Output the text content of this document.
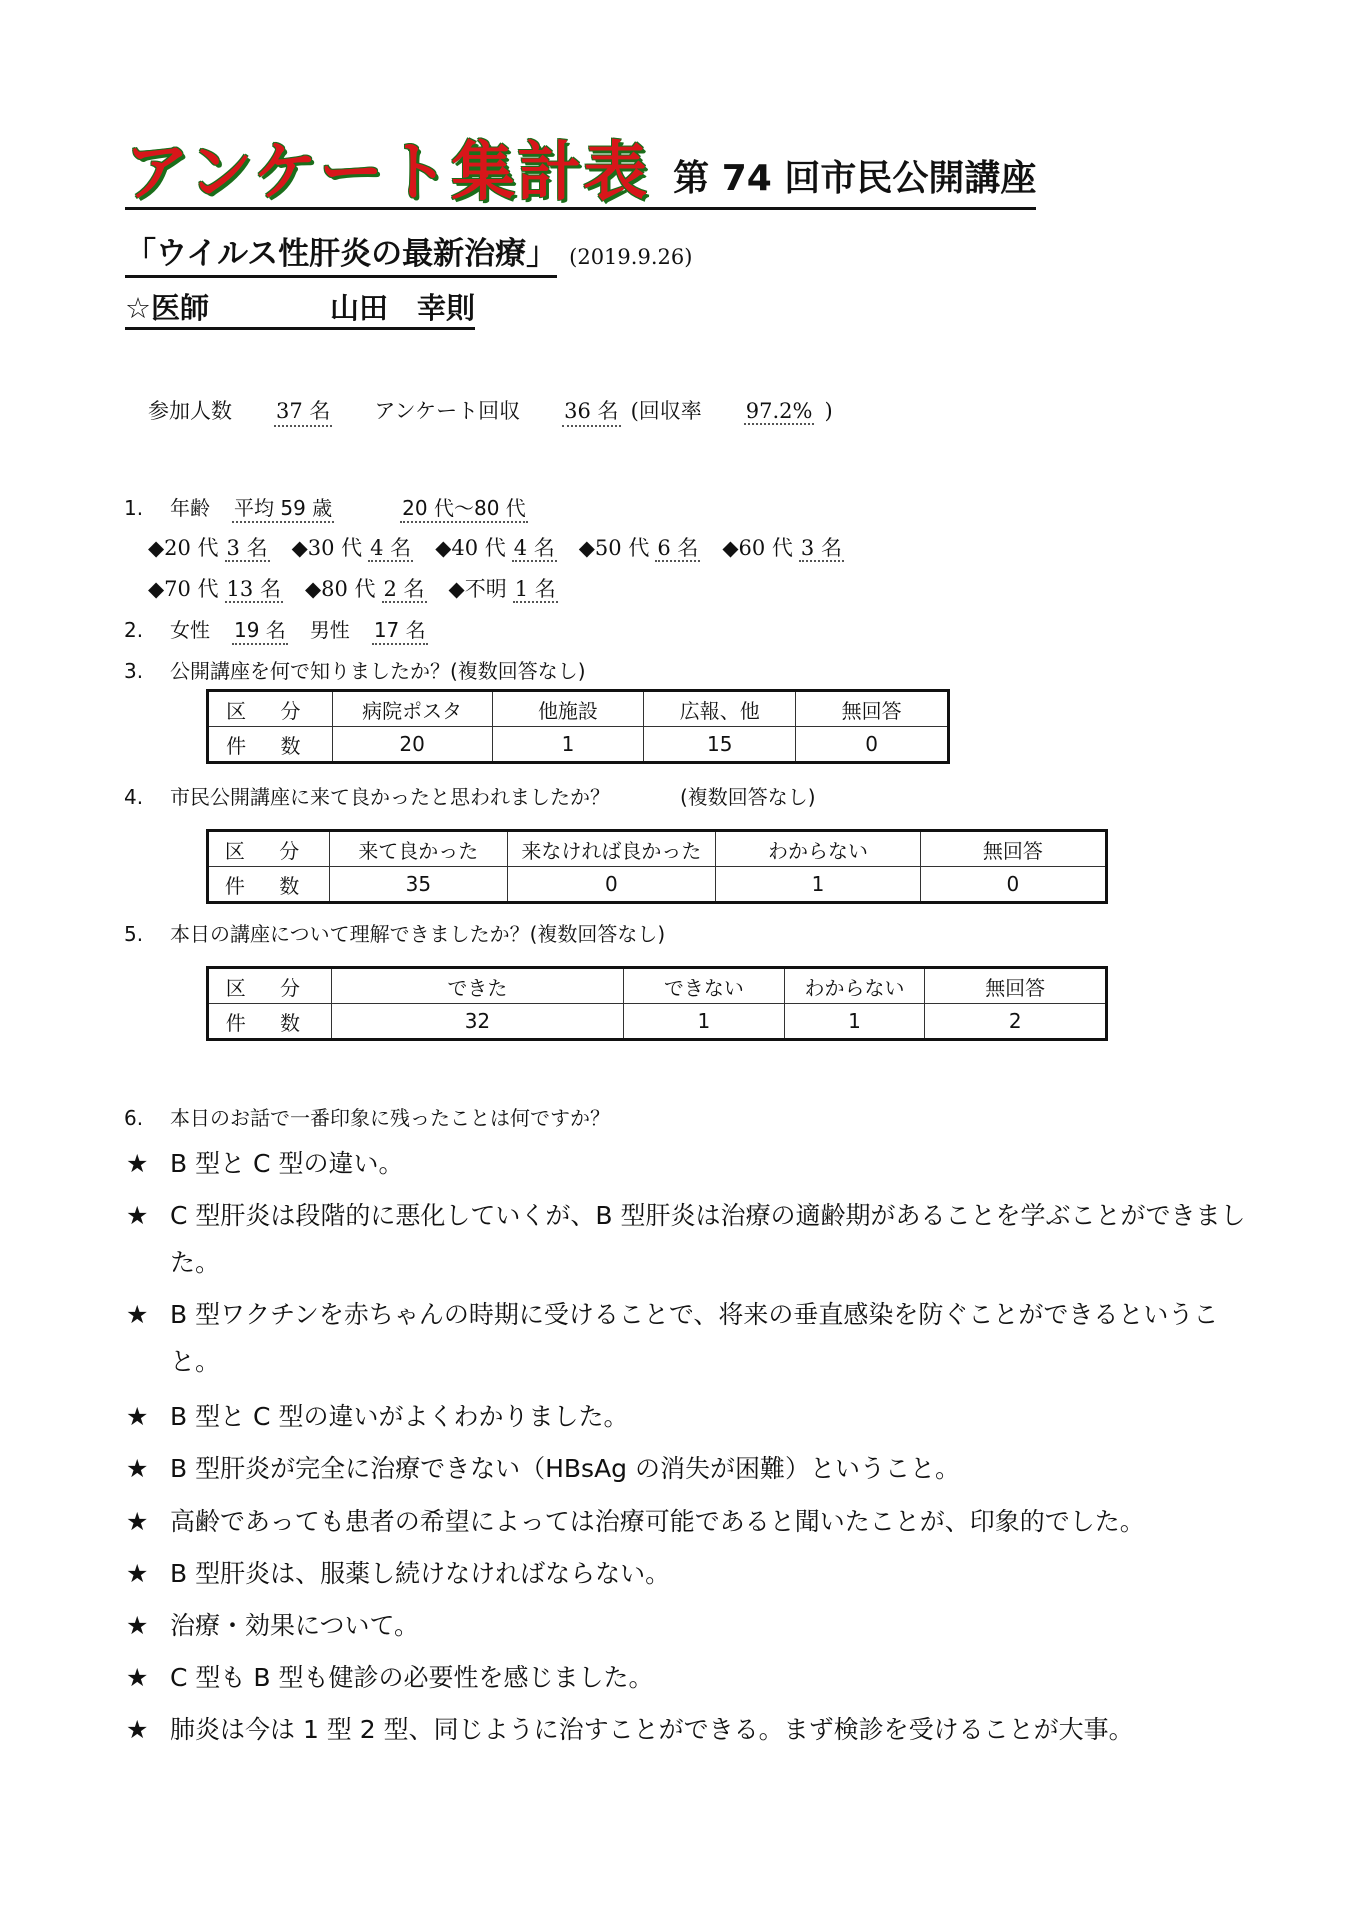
アンケート集計表 第 74 回市民公開講座
「ウイルス性肝炎の最新治療」 (2019.9.26)
☆医師	山田　幸則
参加人数 37 名 アンケート回収 36 名 (回収率 97.2% )
1.	年齢 平均 59 歳	20 代～80 代
◆20 代 3 名 ◆30 代 4 名 ◆40 代 4 名 ◆50 代 6 名 ◆60 代 3 名
◆70 代 13 名 ◆80 代 2 名 ◆不明 1 名
2.	女性 19 名 男性 17 名
3.	公開講座を何で知りましたか？(複数回答なし)
区 分	病院ポスタ	他施設	広報、他	無回答
件 数	20	1	15	0
4.	市民公開講座に来て良かったと思われましたか？	(複数回答なし)
区 分	来て良かった	来なければ良かった	わからない	無回答
件 数	35	0	1	0
5.	本日の講座について理解できましたか？(複数回答なし)
区 分	できた	できない	わからない	無回答
件 数	32	1	1	2
6.	本日のお話で一番印象に残ったことは何ですか？
★ B 型と C 型の違い。
★ C 型肝炎は段階的に悪化していくが、B 型肝炎は治療の適齢期があることを学ぶことができました。
★ B 型ワクチンを赤ちゃんの時期に受けることで、将来の垂直感染を防ぐことができるということ。
★ B 型と C 型の違いがよくわかりました。
★ B 型肝炎が完全に治療できない（HBsAg の消失が困難）ということ。
★ 高齢であっても患者の希望によっては治療可能であると聞いたことが、印象的でした。
★ B 型肝炎は、服薬し続けなければならない。
★ 治療・効果について。
★ C 型も B 型も健診の必要性を感じました。
★ 肺炎は今は 1 型 2 型、同じように治すことができる。まず検診を受けることが大事。
